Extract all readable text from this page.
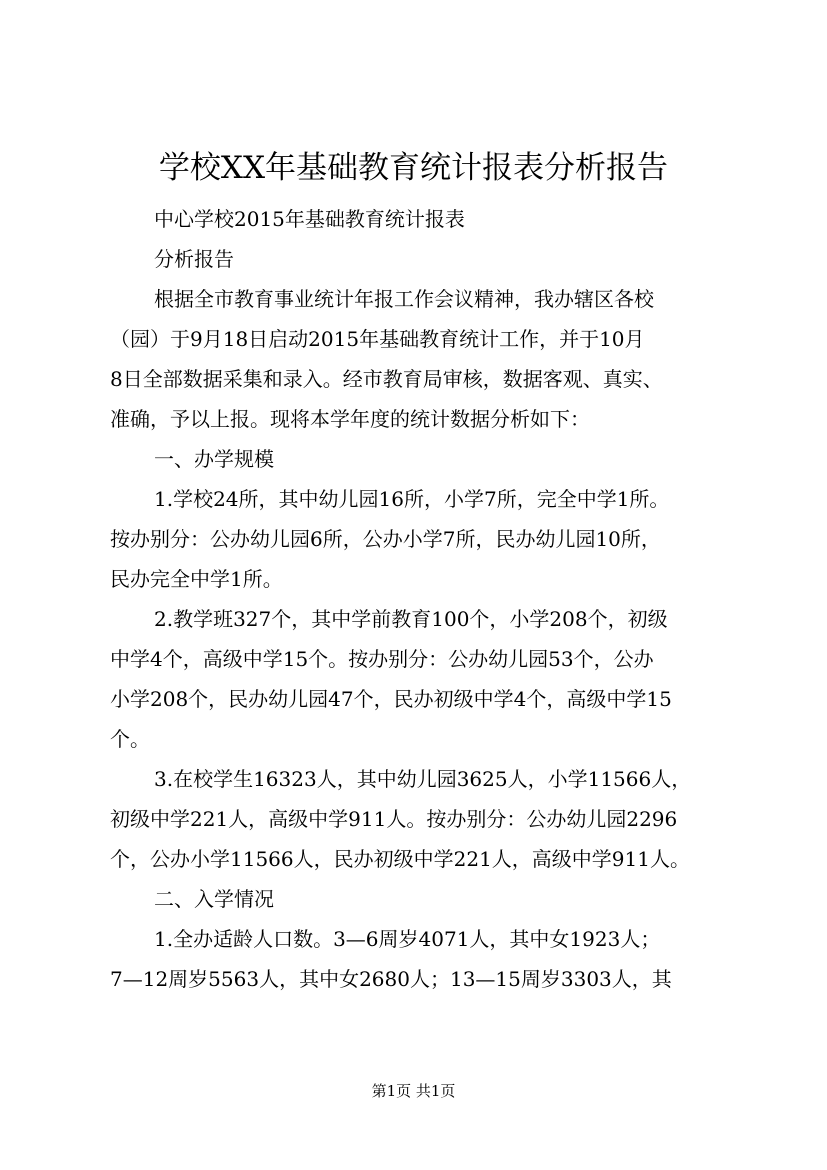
学校XX年基础教育统计报表分析报告

中心学校2015年基础教育统计报表

分析报告

根据全市教育事业统计年报工作会议精神，我办辖区各校

（园）于9月18日启动2015年基础教育统计工作，并于10月

8日全部数据采集和录入。经市教育局审核，数据客观、真实、

准确，予以上报。现将本学年度的统计数据分析如下：

一、办学规模

1.学校24所，其中幼儿园16所，小学7所，完全中学1所。

按办别分：公办幼儿园6所，公办小学7所，民办幼儿园10所，

民办完全中学1所。

2.教学班327个，其中学前教育100个，小学208个，初级

中学4个，高级中学15个。按办别分：公办幼儿园53个，公办

小学208个，民办幼儿园47个，民办初级中学4个，高级中学15

个。

3.在校学生16323人，其中幼儿园3625人，小学11566人，

初级中学221人，高级中学911人。按办别分：公办幼儿园2296

个，公办小学11566人，民办初级中学221人，高级中学911人。

二、入学情况

1.全办适龄人口数。3—6周岁4071人，其中女1923人；

7—12周岁5563人，其中女2680人；13—15周岁3303人，其

第1页 共1页
